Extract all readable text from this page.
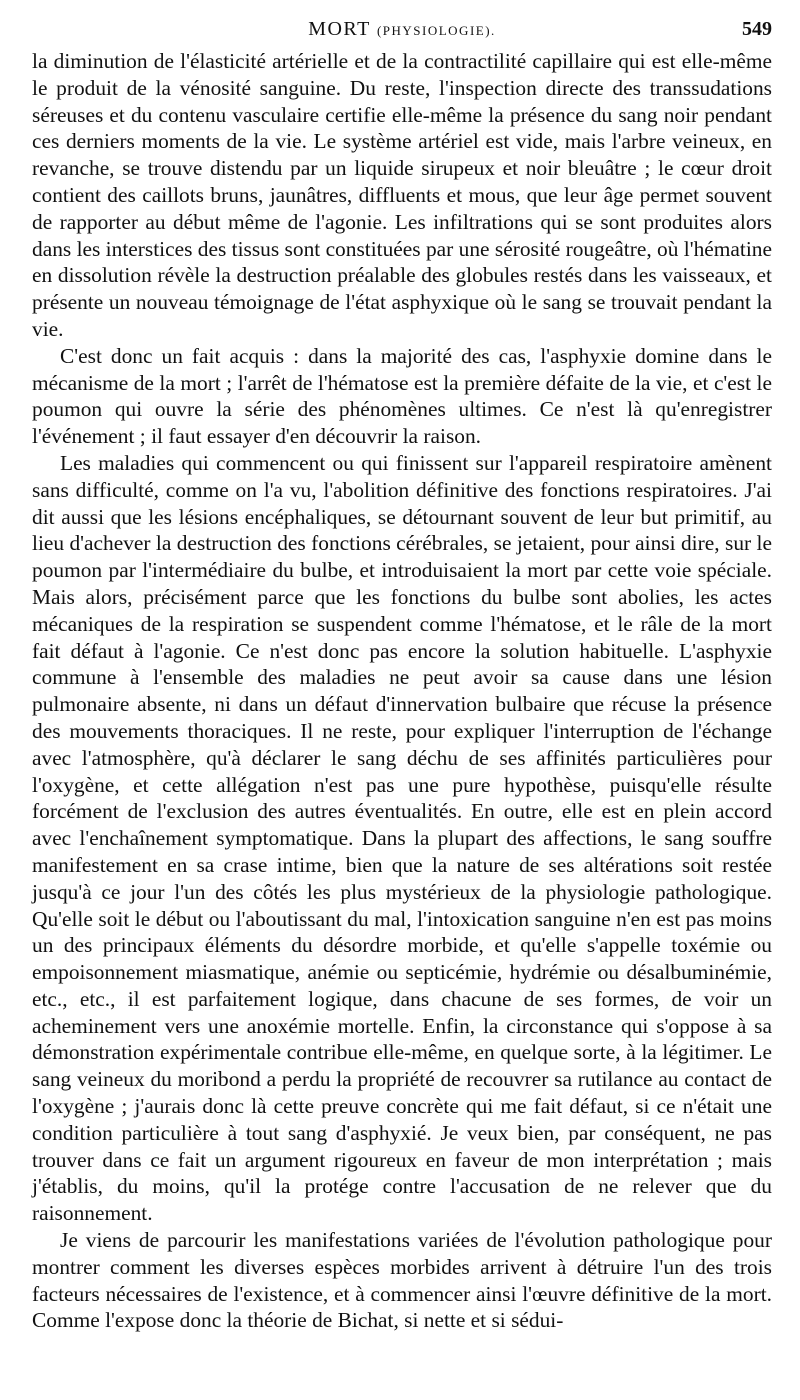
MORT (PHYSIOLOGIE).	549

la diminution de l'élasticité artérielle et de la contractilité capillaire qui est elle-même le produit de la vénosité sanguine. Du reste, l'inspection directe des transsudations séreuses et du contenu vasculaire certifie elle-même la présence du sang noir pendant ces derniers moments de la vie. Le système artériel est vide, mais l'arbre veineux, en revanche, se trouve distendu par un liquide sirupeux et noir bleuâtre ; le cœur droit contient des caillots bruns, jaunâtres, diffluents et mous, que leur âge permet souvent de rapporter au début même de l'agonie. Les infiltrations qui se sont produites alors dans les interstices des tissus sont constituées par une sérosité rougeâtre, où l'hématine en dissolution révèle la destruction préalable des globules restés dans les vaisseaux, et présente un nouveau témoignage de l'état asphyxique où le sang se trouvait pendant la vie.

C'est donc un fait acquis : dans la majorité des cas, l'asphyxie domine dans le mécanisme de la mort ; l'arrêt de l'hématose est la première défaite de la vie, et c'est le poumon qui ouvre la série des phénomènes ultimes. Ce n'est là qu'enregistrer l'événement ; il faut essayer d'en découvrir la raison.

Les maladies qui commencent ou qui finissent sur l'appareil respiratoire amènent sans difficulté, comme on l'a vu, l'abolition définitive des fonctions respiratoires. J'ai dit aussi que les lésions encéphaliques, se détournant souvent de leur but primitif, au lieu d'achever la destruction des fonctions cérébrales, se jetaient, pour ainsi dire, sur le poumon par l'intermédiaire du bulbe, et introduisaient la mort par cette voie spéciale. Mais alors, précisément parce que les fonctions du bulbe sont abolies, les actes mécaniques de la respiration se suspendent comme l'hématose, et le râle de la mort fait défaut à l'agonie. Ce n'est donc pas encore la solution habituelle. L'asphyxie commune à l'ensemble des maladies ne peut avoir sa cause dans une lésion pulmonaire absente, ni dans un défaut d'innervation bulbaire que récuse la présence des mouvements thoraciques. Il ne reste, pour expliquer l'interruption de l'échange avec l'atmosphère, qu'à déclarer le sang déchu de ses affinités particulières pour l'oxygène, et cette allégation n'est pas une pure hypothèse, puisqu'elle résulte forcément de l'exclusion des autres éventualités. En outre, elle est en plein accord avec l'enchaînement symptomatique. Dans la plupart des affections, le sang souffre manifestement en sa crase intime, bien que la nature de ses altérations soit restée jusqu'à ce jour l'un des côtés les plus mystérieux de la physiologie pathologique. Qu'elle soit le début ou l'aboutissant du mal, l'intoxication sanguine n'en est pas moins un des principaux éléments du désordre morbide, et qu'elle s'appelle toxémie ou empoisonnement miasmatique, anémie ou septicémie, hydrémie ou désalbuminémie, etc., etc., il est parfaitement logique, dans chacune de ses formes, de voir un acheminement vers une anoxémie mortelle. Enfin, la circonstance qui s'oppose à sa démonstration expérimentale contribue elle-même, en quelque sorte, à la légitimer. Le sang veineux du moribond a perdu la propriété de recouvrer sa rutilance au contact de l'oxygène ; j'aurais donc là cette preuve concrète qui me fait défaut, si ce n'était une condition particulière à tout sang d'asphyxié. Je veux bien, par conséquent, ne pas trouver dans ce fait un argument rigoureux en faveur de mon interprétation ; mais j'établis, du moins, qu'il la protége contre l'accusation de ne relever que du raisonnement.

Je viens de parcourir les manifestations variées de l'évolution pathologique pour montrer comment les diverses espèces morbides arrivent à détruire l'un des trois facteurs nécessaires de l'existence, et à commencer ainsi l'œuvre définitive de la mort. Comme l'expose donc la théorie de Bichat, si nette et si sédui-
